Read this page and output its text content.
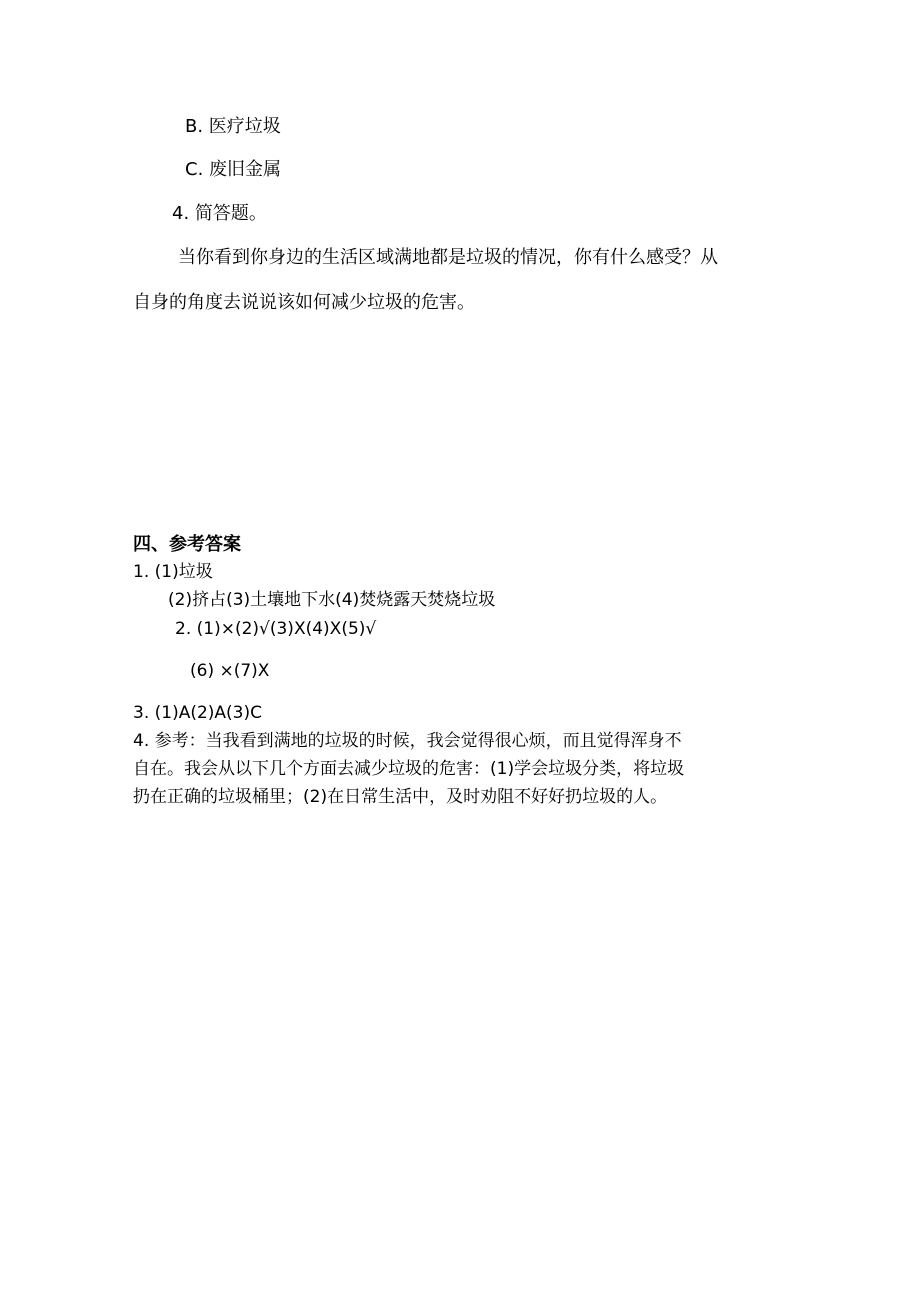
B. 医疗垃圾
C. 废旧金属
4. 简答题。
当你看到你身边的生活区域满地都是垃圾的情况，你有什么感受？从
自身的角度去说说该如何减少垃圾的危害。
四、参考答案
1. (1)垃圾
(2)挤占(3)土壤地下水(4)焚烧露天焚烧垃圾
2. (1)×(2)√(3)X(4)X(5)√
(6) ×(7)X
3. (1)A(2)A(3)C
4. 参考：当我看到满地的垃圾的时候，我会觉得很心烦，而且觉得浑身不
自在。我会从以下几个方面去减少垃圾的危害：(1)学会垃圾分类，将垃圾
扔在正确的垃圾桶里；(2)在日常生活中，及时劝阻不好好扔垃圾的人。
